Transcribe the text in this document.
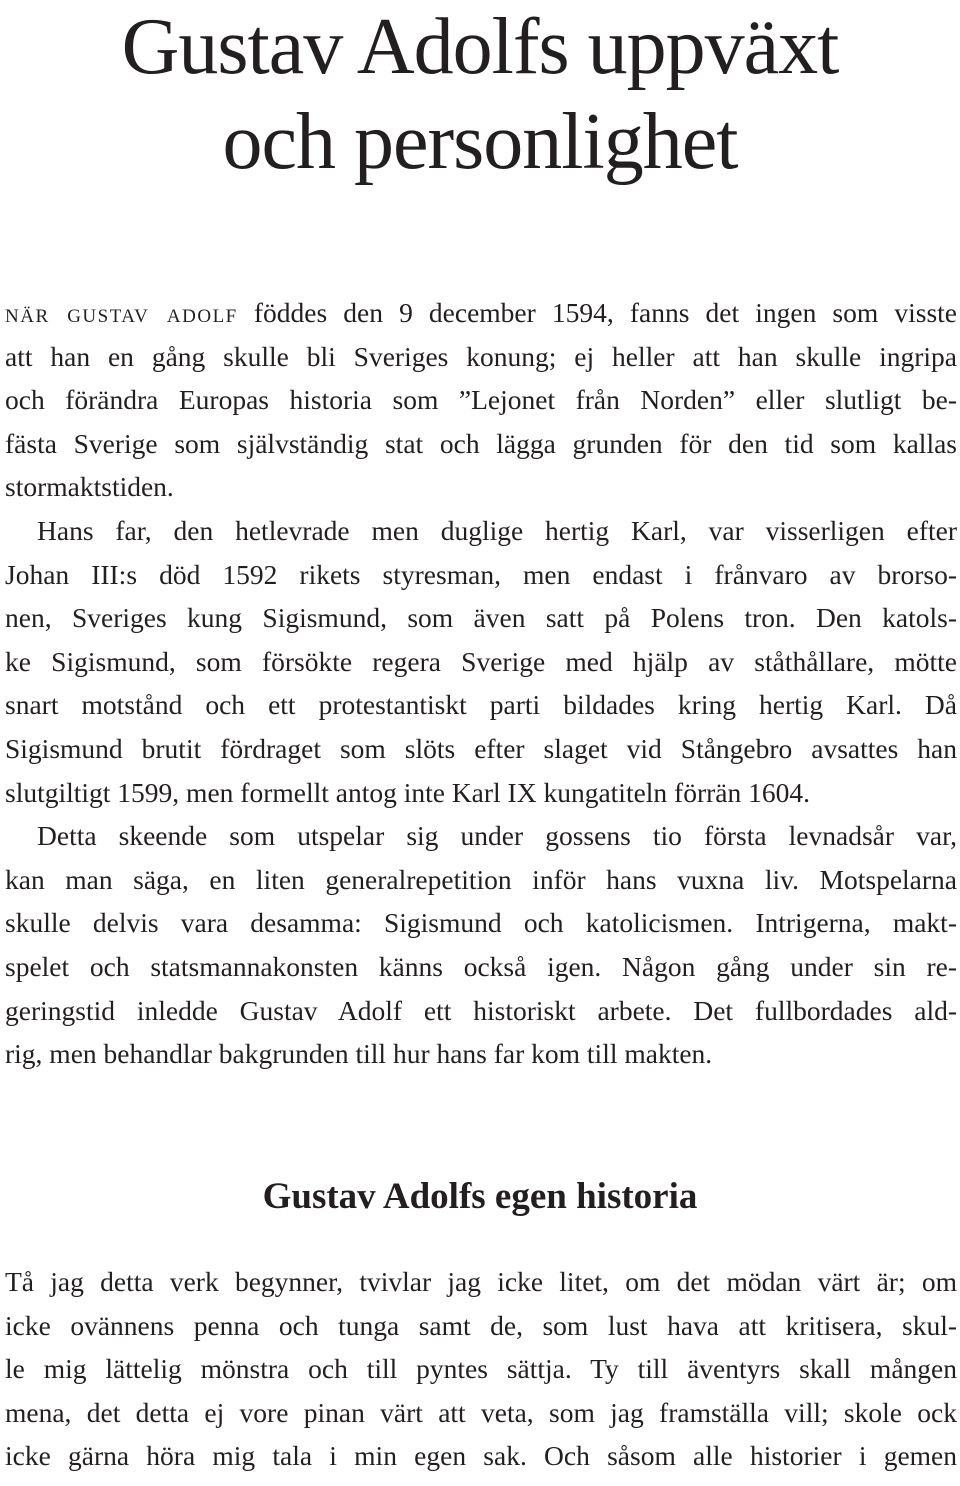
Gustav Adolfs uppväxt
och personlighet
när gustav adolf föddes den 9 december 1594, fanns det ingen som visste
att han en gång skulle bli Sveriges konung; ej heller att han skulle ingripa
och förändra Europas historia som ”Lejonet från Norden” eller slutligt be-
fästa Sverige som självständig stat och lägga grunden för den tid som kallas
stormaktstiden.
Hans far, den hetlevrade men duglige hertig Karl, var visserligen efter
Johan III:s död 1592 rikets styresman, men endast i frånvaro av brorso-
nen, Sveriges kung Sigismund, som även satt på Polens tron. Den katols-
ke Sigismund, som försökte regera Sverige med hjälp av ståthållare, mötte
snart motstånd och ett protestantiskt parti bildades kring hertig Karl. Då
Sigismund brutit fördraget som slöts efter slaget vid Stångebro avsattes han
slutgiltigt 1599, men formellt antog inte Karl IX kungatiteln förrän 1604.
Detta skeende som utspelar sig under gossens tio första levnadsår var,
kan man säga, en liten generalrepetition inför hans vuxna liv. Motspelarna
skulle delvis vara desamma: Sigismund och katolicismen. Intrigerna, makt-
spelet och statsmannakonsten känns också igen. Någon gång under sin re-
geringstid inledde Gustav Adolf ett historiskt arbete. Det fullbordades ald-
rig, men behandlar bakgrunden till hur hans far kom till makten.
Gustav Adolfs egen historia
Tå jag detta verk begynner, tvivlar jag icke litet, om det mödan värt är; om
icke ovännens penna och tunga samt de, som lust hava att kritisera, skul-
le mig lättelig mönstra och till pyntes sättja. Ty till äventyrs skall mången
mena, det detta ej vore pinan värt att veta, som jag framställa vill; skole ock
icke gärna höra mig tala i min egen sak. Och såsom alle historier i gemen
